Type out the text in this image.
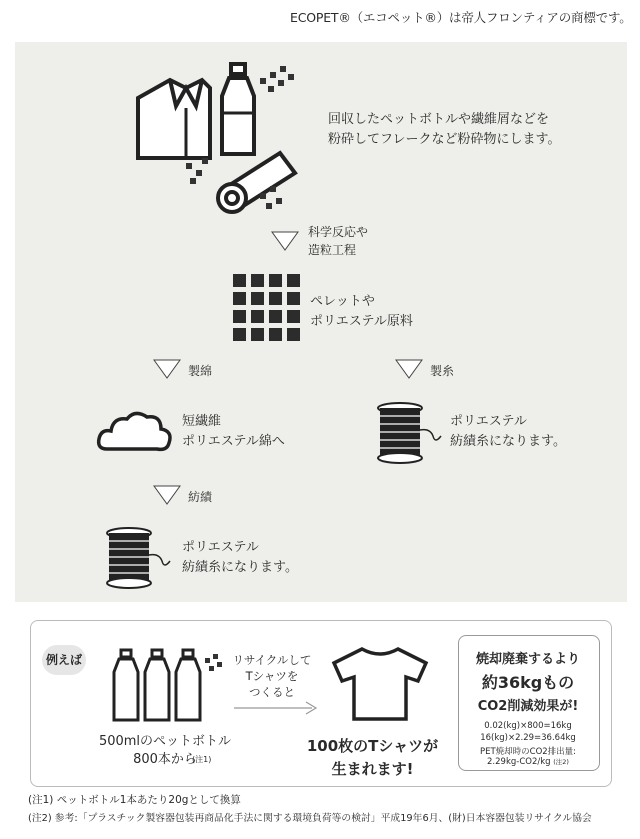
ECOPET®（エコペット®）は帝人フロンティアの商標です。
回収したペットボトルや繊維屑などを
粉砕してフレークなど粉砕物にします。
科学反応や
造粒工程
ペレットや
ポリエステル原料
製綿	製糸
短繊維
ポリエステル綿へ
ポリエステル
紡績糸になります。
紡績
ポリエステル
紡績糸になります。
例えば
500mlのペットボトル
800本から
(注1)
リサイクルして
Tシャツを
つくると
100枚のTシャツが
生まれます!
焼却廃棄するより
約36kgもの
CO2削減効果が!
0.02(kg)×800=16kg
16(kg)×2.29=36.64kg
PET焼却時のCO2排出量:
2.29kg-CO2/kg (注2)
(注1) ペットボトル1本あたり20gとして換算
(注2) 参考:「プラスチック製容器包装再商品化手法に関する環境負荷等の検討」平成19年6月、(財)日本容器包装リサイクル協会
